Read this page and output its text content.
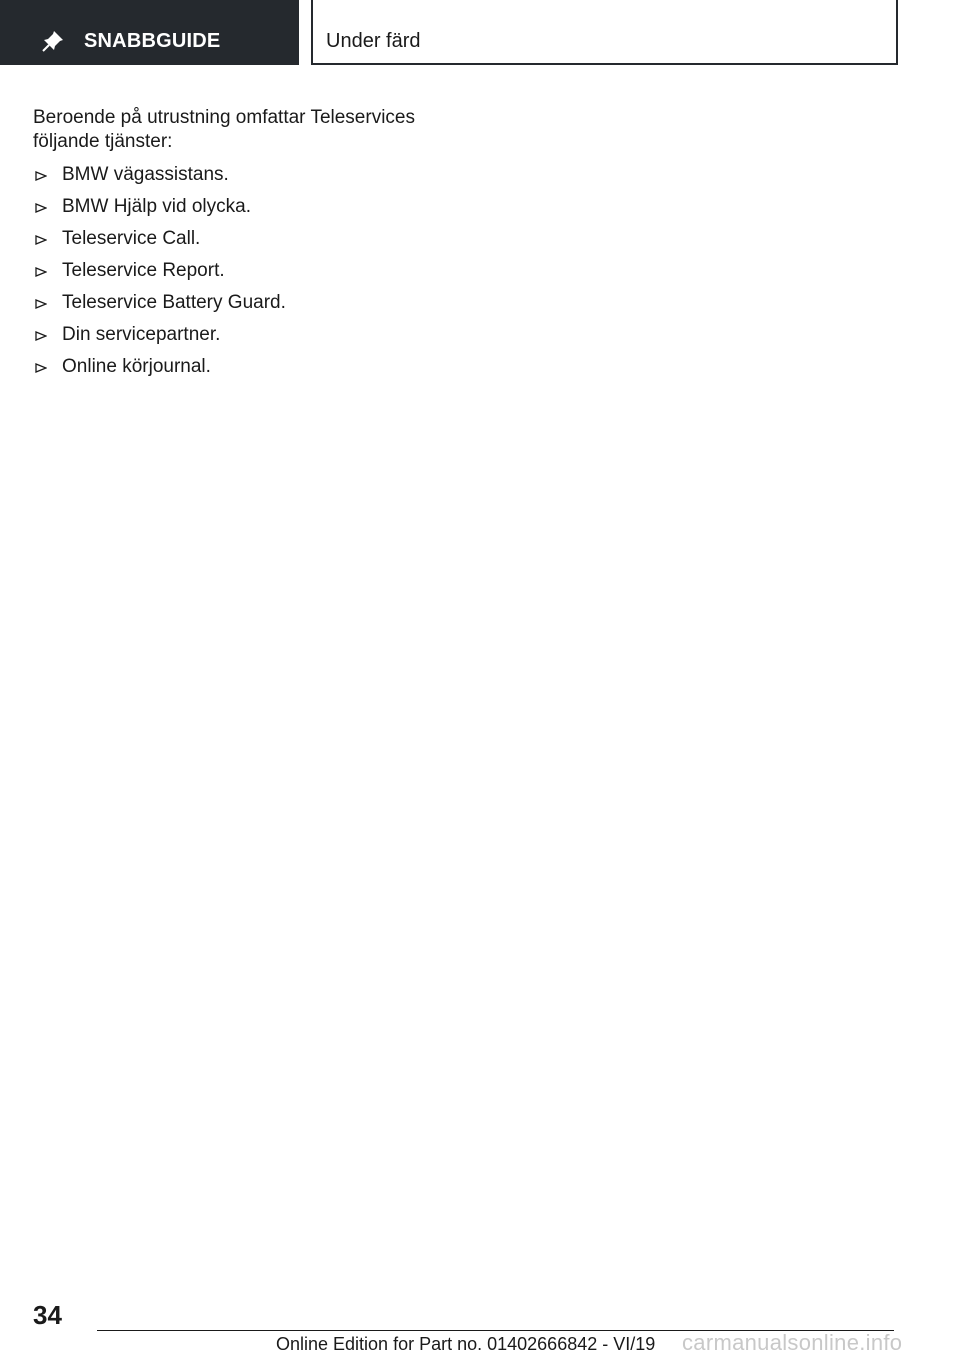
SNABBGUIDE	Under färd

Beroende på utrustning omfattar Teleservices följande tjänster:

BMW vägassistans.
BMW Hjälp vid olycka.
Teleservice Call.
Teleservice Report.
Teleservice Battery Guard.
Din servicepartner.
Online körjournal.
34
Online Edition for Part no. 01402666842 - VI/19 carmanualsonline.info
